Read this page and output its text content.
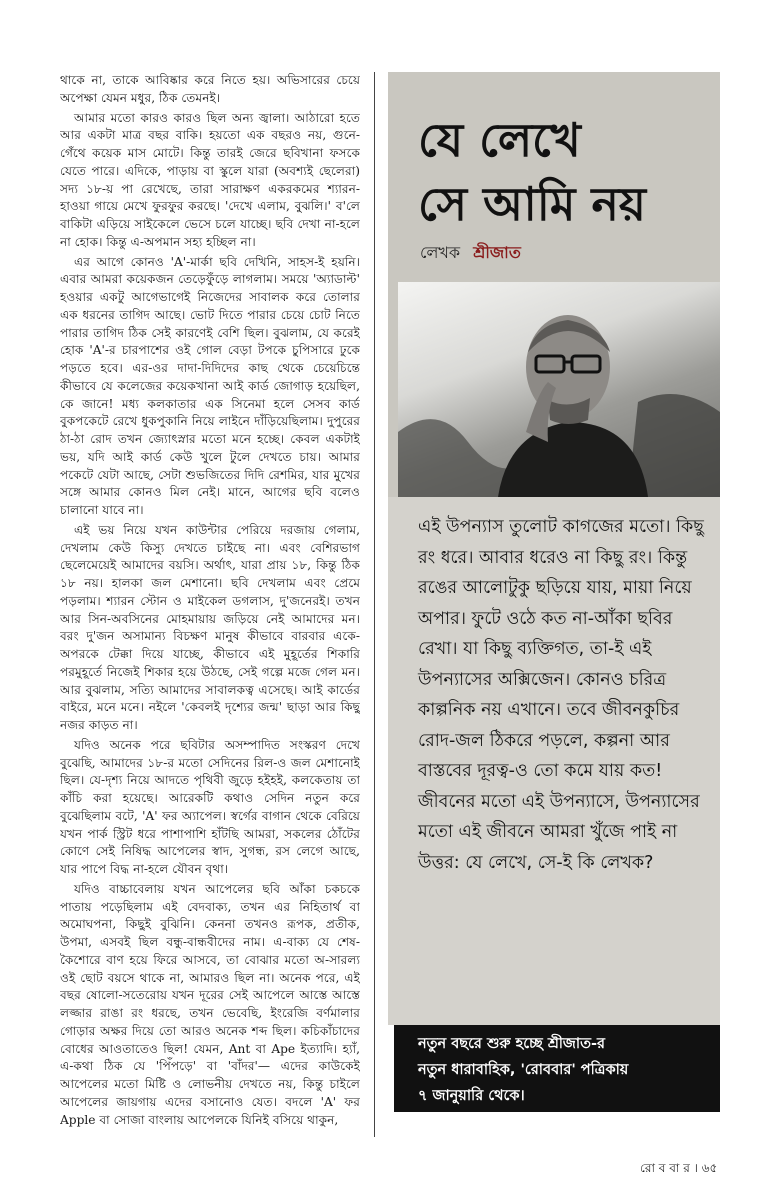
থাকে না, তাকে আবিষ্কার করে নিতে হয়। অভিসারের চেয়ে অপেক্ষা যেমন মধুর, ঠিক তেমনই।

আমার মতো কারও কারও ছিল অন্য জ্বালা। আঠারো হতে আর একটা মাত্র বছর বাকি। হয়তো এক বছরও নয়, গুনে-গেঁথে কয়েক মাস মোটে। কিন্তু তারই জেরে ছবিখানা ফসকে যেতে পারে। এদিকে, পাড়ায় বা স্কুলে যারা (অবশ্যই ছেলেরা) সদ্য ১৮-য় পা রেখেছে, তারা সারাক্ষণ একরকমের শ্যারন-হাওয়া গায়ে মেখে ফুরফুর করছে। 'দেখে এলাম, বুঝলি।' ব'লে বাকিটা এড়িয়ে সাইকেলে ভেসে চলে যাচ্ছে। ছবি দেখা না-হলে না হোক। কিন্তু এ-অপমান সহ্য হচ্ছিল না।

এর আগে কোনও 'A'-মার্কা ছবি দেখিনি, সাহস-ই হয়নি। এবার আমরা কয়েকজন তেড়েফুঁড়ে লাগলাম। সময়ে 'অ্যাডাল্ট' হওয়ার একটু আগেভাগেই নিজেদের সাবালক করে তোলার এক ধরনের তাগিদ আছে। ভোট দিতে পারার চেয়ে চোট নিতে পারার তাগিদ ঠিক সেই কারণেই বেশি ছিল। বুঝলাম, যে করেই হোক 'A'-র চারপাশের ওই গোল বেড়া টপকে চুপিসারে ঢুকে পড়তে হবে। এর-ওর দাদা-দিদিদের কাছ থেকে চেয়েচিন্তে কীভাবে যে কলেজের কয়েকখানা আই কার্ড জোগাড় হয়েছিল, কে জানে! মধ্য কলকাতার এক সিনেমা হলে সেসব কার্ড বুকপকেটে রেখে ধুকপুকানি নিয়ে লাইনে দাঁড়িয়েছিলাম। দুপুরের ঠা-ঠা রোদ তখন জ্যোৎস্নার মতো মনে হচ্ছে। কেবল একটাই ভয়, যদি আই কার্ড কেউ খুলে টুলে দেখতে চায়। আমার পকেটে যেটা আছে, সেটা শুভজিতের দিদি রেশমির, যার মুখের সঙ্গে আমার কোনও মিল নেই। মানে, আগের ছবি বলেও চালানো যাবে না।

এই ভয় নিয়ে যখন কাউন্টার পেরিয়ে দরজায় গেলাম, দেখলাম কেউ কিস্যু দেখতে চাইছে না। এবং বেশিরভাগ ছেলেমেয়েই আমাদের বয়সি। অর্থাৎ, যারা প্রায় ১৮, কিন্তু ঠিক ১৮ নয়। হালকা জল মেশানো। ছবি দেখলাম এবং প্রেমে পড়লাম। শ্যারন স্টোন ও মাইকেল ডগলাস, দু'জনেরই। তখন আর সিন-অবসিনের মোহমায়ায় জড়িয়ে নেই আমাদের মন। বরং দু'জন অসামান্য বিচক্ষণ মানুষ কীভাবে বারবার একে-অপরকে টেক্কা দিয়ে যাচ্ছে, কীভাবে এই মুহূর্তের শিকারি পরমুহূর্তে নিজেই শিকার হয়ে উঠছে, সেই গল্পে মজে গেল মন। আর বুঝলাম, সত্যি আমাদের সাবালকত্ব এসেছে। আই কার্ডের বাইরে, মনে মনে। নইলে 'কেবলই দৃশ্যের জন্ম' ছাড়া আর কিছু নজর কাড়ত না।

যদিও অনেক পরে ছবিটার অসম্পাদিত সংস্করণ দেখে বুঝেছি, আমাদের ১৮-র মতো সেদিনের রিল-ও জল মেশানোই ছিল। যে-দৃশ্য নিয়ে আদতে পৃথিবী জুড়ে হইহই, কলকেতায় তা কাঁচি করা হয়েছে। আরেকটি কথাও সেদিন নতুন করে বুঝেছিলাম বটে, 'A' ফর অ্যাপেল। স্বর্গের বাগান থেকে বেরিয়ে যখন পার্ক স্ট্রিট ধরে পাশাপাশি হাঁটছি আমরা, সকলের ঠোঁটের কোণে সেই নিষিদ্ধ আপেলের স্বাদ, সুগন্ধ, রস লেগে আছে, যার পাপে বিদ্ধ না-হলে যৌবন বৃথা।

যদিও বাচ্চাবেলায় যখন আপেলের ছবি আঁকা চকচকে পাতায় পড়েছিলাম এই বেদবাক্য, তখন এর নিহিতার্থ বা অমোঘপনা, কিছুই বুঝিনি। কেননা তখনও রূপক, প্রতীক, উপমা, এসবই ছিল বন্ধু-বান্ধবীদের নাম। এ-বাক্য যে শেষ-কৈশোরে বাণ হয়ে ফিরে আসবে, তা বোঝার মতো অ-সারল্য ওই ছোট বয়সে থাকে না, আমারও ছিল না। অনেক পরে, এই বছর ষোলো-সতেরোয় যখন দূরের সেই আপেলে আস্তে আস্তে লজ্জার রাঙা রং ধরছে, তখন ভেবেছি, ইংরেজি বর্ণমালার গোড়ার অক্ষর দিয়ে তো আরও অনেক শব্দ ছিল। কচিকাঁচাদের বোধের আওতাতেও ছিল! যেমন, Ant বা Ape ইত্যাদি। হ্যাঁ, এ-কথা ঠিক যে 'পিঁপড়ে' বা 'বাঁদর'— এদের কাউকেই আপেলের মতো মিষ্টি ও লোভনীয় দেখতে নয়, কিন্তু চাইলে আপেলের জায়গায় এদের বসানোও যেত। বদলে 'A' ফর Apple বা সোজা বাংলায় আপেলকে যিনিই বসিয়ে থাকুন,

যে লেখে
সে আমি নয়
লেখক শ্রীজাত

এই উপন্যাস তুলোট কাগজের মতো। কিছু রং ধরে। আবার ধরেও না কিছু রং। কিন্তু রঙের আলোটুকু ছড়িয়ে যায়, মায়া নিয়ে অপার। ফুটে ওঠে কত না-আঁকা ছবির রেখা। যা কিছু ব্যক্তিগত, তা-ই এই উপন্যাসের অক্সিজেন। কোনও চরিত্র কাল্পনিক নয় এখানে। তবে জীবনকুচির রোদ-জল ঠিকরে পড়লে, কল্পনা আর বাস্তবের দূরত্ব-ও তো কমে যায় কত! জীবনের মতো এই উপন্যাসে, উপন্যাসের মতো এই জীবনে আমরা খুঁজে পাই না উত্তর: যে লেখে, সে-ই কি লেখক?

নতুন বছরে শুরু হচ্ছে শ্রীজাত-র
নতুন ধারাবাহিক, 'রোববার' পত্রিকায়
৭ জানুয়ারি থেকে।
রো ব বা র । ৬৫
